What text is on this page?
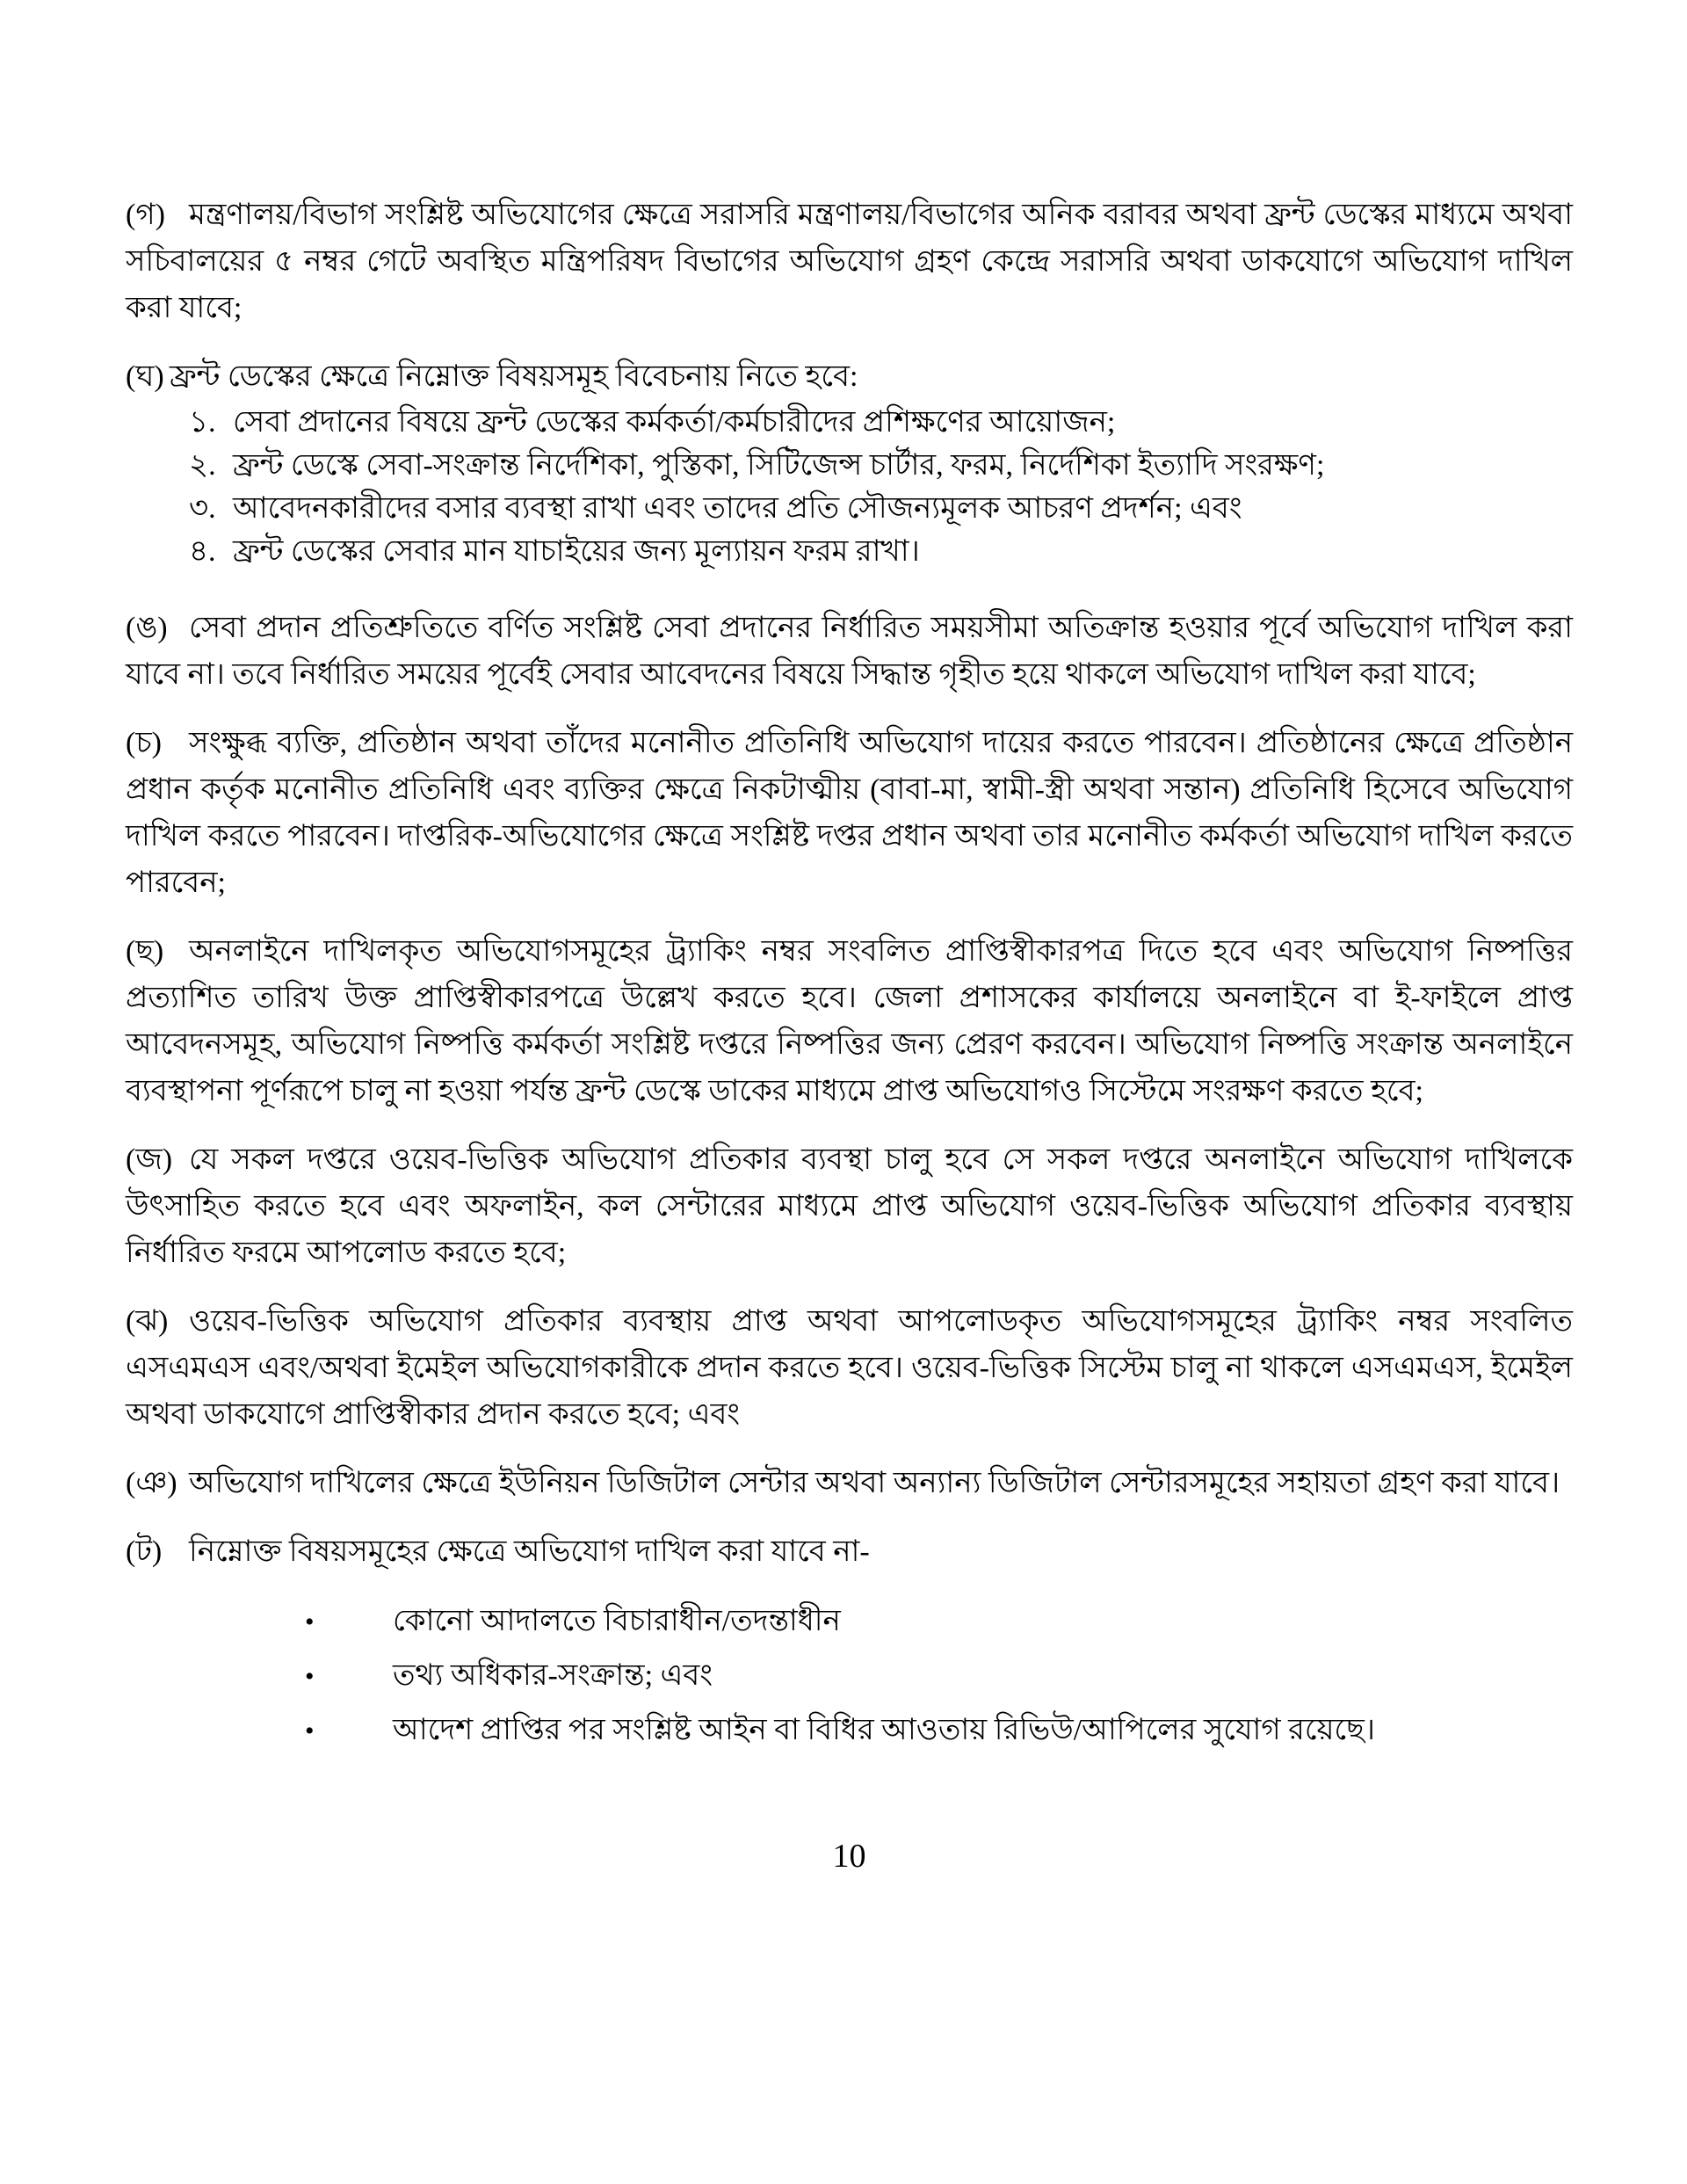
(গ) মন্ত্রণালয়/বিভাগ সংশ্লিষ্ট অভিযোগের ক্ষেত্রে সরাসরি মন্ত্রণালয়/বিভাগের অনিক বরাবর অথবা ফ্রন্ট ডেস্কের মাধ্যমে অথবা সচিবালয়ের ৫ নম্বর গেটে অবস্থিত মন্ত্রিপরিষদ বিভাগের অভিযোগ গ্রহণ কেন্দ্রে সরাসরি অথবা ডাকযোগে অভিযোগ দাখিল করা যাবে;

(ঘ) ফ্রন্ট ডেস্কের ক্ষেত্রে নিম্নোক্ত বিষয়সমূহ বিবেচনায় নিতে হবে:

১. সেবা প্রদানের বিষয়ে ফ্রন্ট ডেস্কের কর্মকর্তা/কর্মচারীদের প্রশিক্ষণের আয়োজন;
২. ফ্রন্ট ডেস্কে সেবা-সংক্রান্ত নির্দেশিকা, পুস্তিকা, সিটিজেন্স চার্টার, ফরম, নির্দেশিকা ইত্যাদি সংরক্ষণ;
৩. আবেদনকারীদের বসার ব্যবস্থা রাখা এবং তাদের প্রতি সৌজন্যমূলক আচরণ প্রদর্শন; এবং
৪. ফ্রন্ট ডেস্কের সেবার মান যাচাইয়ের জন্য মূল্যায়ন ফরম রাখা।

(ঙ) সেবা প্রদান প্রতিশ্রুতিতে বর্ণিত সংশ্লিষ্ট সেবা প্রদানের নির্ধারিত সময়সীমা অতিক্রান্ত হওয়ার পূর্বে অভিযোগ দাখিল করা যাবে না। তবে নির্ধারিত সময়ের পূর্বেই সেবার আবেদনের বিষয়ে সিদ্ধান্ত গৃহীত হয়ে থাকলে অভিযোগ দাখিল করা যাবে;

(চ) সংক্ষুব্ধ ব্যক্তি, প্রতিষ্ঠান অথবা তাঁদের মনোনীত প্রতিনিধি অভিযোগ দায়ের করতে পারবেন। প্রতিষ্ঠানের ক্ষেত্রে প্রতিষ্ঠান প্রধান কর্তৃক মনোনীত প্রতিনিধি এবং ব্যক্তির ক্ষেত্রে নিকটাত্মীয় (বাবা-মা, স্বামী-স্ত্রী অথবা সন্তান) প্রতিনিধি হিসেবে অভিযোগ দাখিল করতে পারবেন। দাপ্তরিক-অভিযোগের ক্ষেত্রে সংশ্লিষ্ট দপ্তর প্রধান অথবা তার মনোনীত কর্মকর্তা অভিযোগ দাখিল করতে পারবেন;

(ছ) অনলাইনে দাখিলকৃত অভিযোগসমূহের ট্র্যাকিং নম্বর সংবলিত প্রাপ্তিস্বীকারপত্র দিতে হবে এবং অভিযোগ নিষ্পত্তির প্রত্যাশিত তারিখ উক্ত প্রাপ্তিস্বীকারপত্রে উল্লেখ করতে হবে। জেলা প্রশাসকের কার্যালয়ে অনলাইনে বা ই-ফাইলে প্রাপ্ত আবেদনসমূহ, অভিযোগ নিষ্পত্তি কর্মকর্তা সংশ্লিষ্ট দপ্তরে নিষ্পত্তির জন্য প্রেরণ করবেন। অভিযোগ নিষ্পত্তি সংক্রান্ত অনলাইনে ব্যবস্থাপনা পূর্ণরূপে চালু না হওয়া পর্যন্ত ফ্রন্ট ডেস্কে ডাকের মাধ্যমে প্রাপ্ত অভিযোগও সিস্টেমে সংরক্ষণ করতে হবে;

(জ) যে সকল দপ্তরে ওয়েব-ভিত্তিক অভিযোগ প্রতিকার ব্যবস্থা চালু হবে সে সকল দপ্তরে অনলাইনে অভিযোগ দাখিলকে উৎসাহিত করতে হবে এবং অফলাইন, কল সেন্টারের মাধ্যমে প্রাপ্ত অভিযোগ ওয়েব-ভিত্তিক অভিযোগ প্রতিকার ব্যবস্থায় নির্ধারিত ফরমে আপলোড করতে হবে;

(ঝ) ওয়েব-ভিত্তিক অভিযোগ প্রতিকার ব্যবস্থায় প্রাপ্ত অথবা আপলোডকৃত অভিযোগসমূহের ট্র্যাকিং নম্বর সংবলিত এসএমএস এবং/অথবা ইমেইল অভিযোগকারীকে প্রদান করতে হবে। ওয়েব-ভিত্তিক সিস্টেম চালু না থাকলে এসএমএস, ইমেইল অথবা ডাকযোগে প্রাপ্তিস্বীকার প্রদান করতে হবে; এবং

(ঞ) অভিযোগ দাখিলের ক্ষেত্রে ইউনিয়ন ডিজিটাল সেন্টার অথবা অন্যান্য ডিজিটাল সেন্টারসমূহের সহায়তা গ্রহণ করা যাবে।

(ট) নিম্নোক্ত বিষয়সমূহের ক্ষেত্রে অভিযোগ দাখিল করা যাবে না-

•	কোনো আদালতে বিচারাধীন/তদন্তাধীন
•	তথ্য অধিকার-সংক্রান্ত; এবং
•	আদেশ প্রাপ্তির পর সংশ্লিষ্ট আইন বা বিধির আওতায় রিভিউ/আপিলের সুযোগ রয়েছে।
10
